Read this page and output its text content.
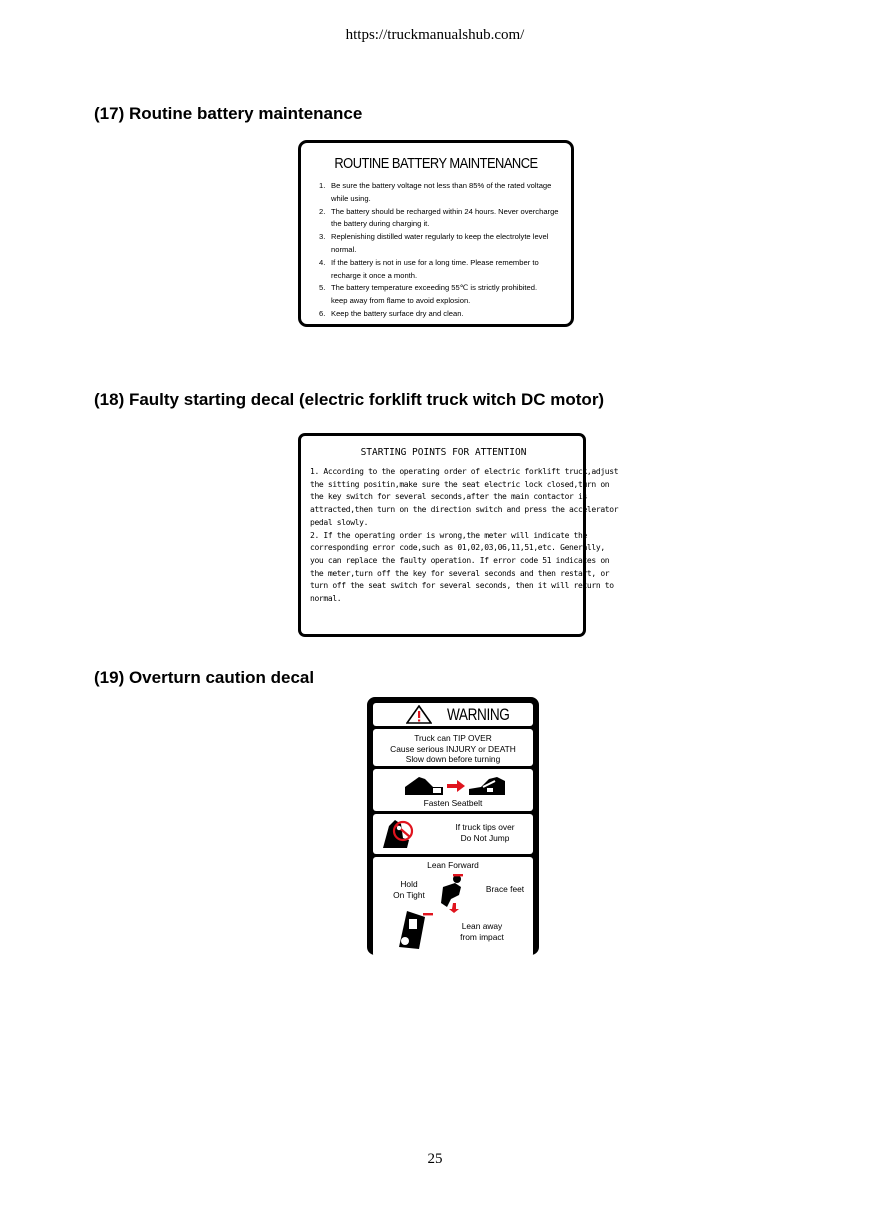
https://truckmanualshub.com/
(17) Routine battery maintenance
ROUTINE BATTERY MAINTENANCE
1. Be sure the battery voltage not less than 85% of the rated voltage
while using.
2. The battery should be recharged within 24 hours. Never overcharge
the battery during charging it.
3. Replenishing distilled water regularly to keep the electrolyte level
normal.
4. If the battery is not in use for a long time. Please remember to
recharge it once a month.
5. The battery temperature exceeding 55℃ is strictly prohibited.
keep away from flame to avoid explosion.
6. Keep the battery surface dry and clean.
(18) Faulty starting decal (electric forklift truck witch DC motor)
STARTING POINTS FOR ATTENTION

1. According to the operating order of electric forklift truck,adjust

the sitting positin,make sure the seat electric lock closed,turn on

the key switch for several seconds,after the main contactor is

attracted,then turn on the direction switch and press the accelerator

pedal slowly.

2. If the operating order is wrong,the meter will indicate the

corresponding error code,such as 01,02,03,06,11,51,etc. Generally,

you can replace the faulty operation. If error code 51 indicates on

the meter,turn off the key for several seconds and then restart, or

turn off the seat switch for several seconds, then it will return to

normal.

(19) Overturn caution decal
WARNING
Truck can TIP OVER
Cause serious INJURY or DEATH
Slow down before turning
Fasten Seatbelt
If truck tips over
Do Not Jump
Lean Forward
Hold
On Tight
Brace feet
Lean away
from impact
25
